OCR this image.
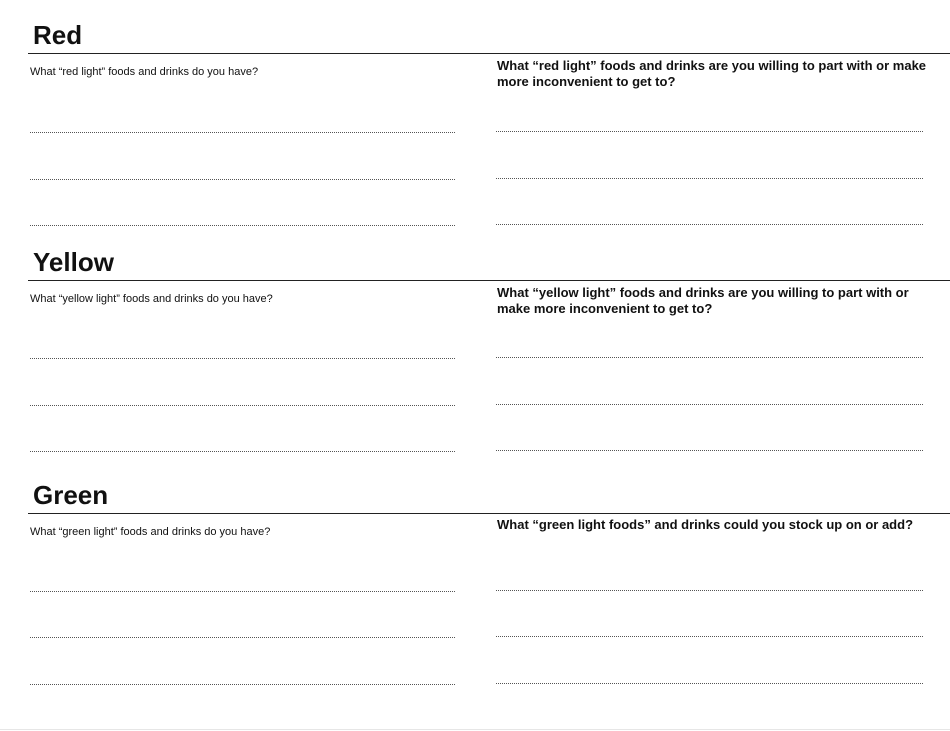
Red
What “red light” foods and drinks do you have?	What “red light” foods and drinks are you willing to part with or make more inconvenient to get to?
Yellow
What “yellow light” foods and drinks do you have?	What “yellow light” foods and drinks are you willing to part with or make more inconvenient to get to?
Green
What “green light” foods and drinks do you have?	What “green light foods” and drinks could you stock up on or add?
